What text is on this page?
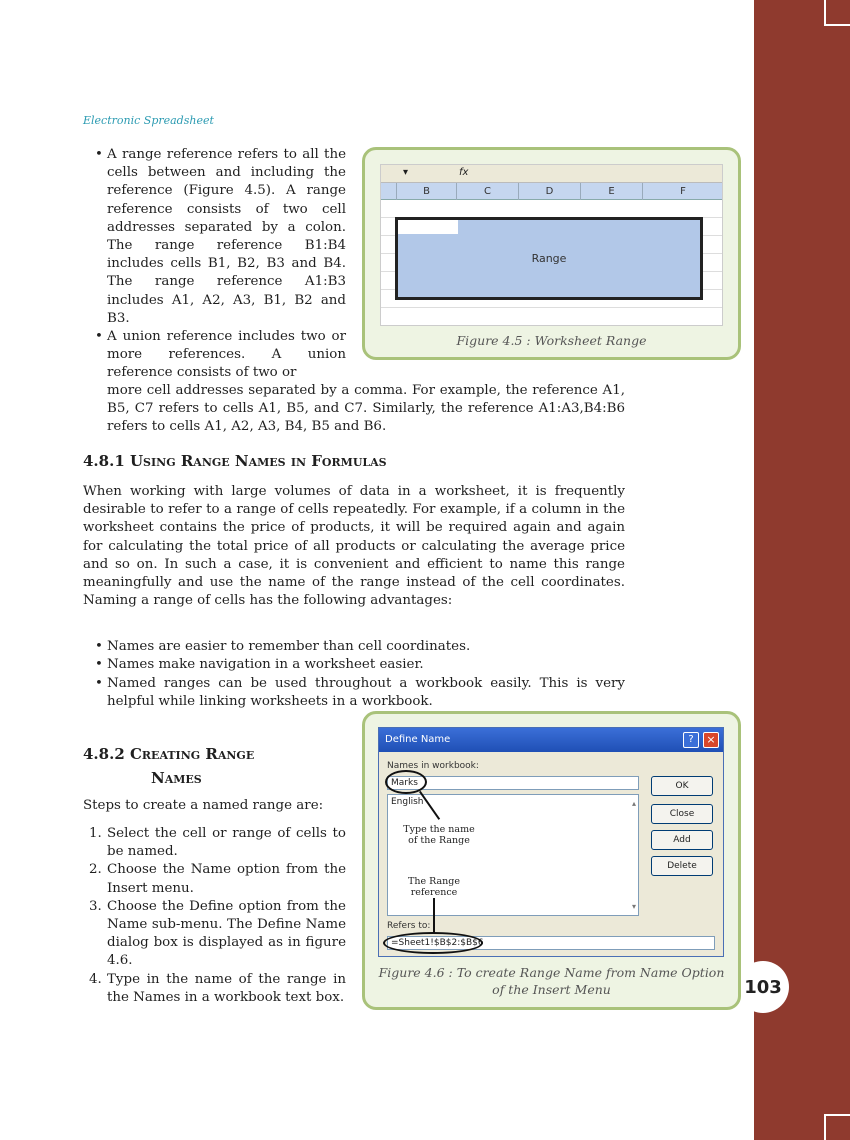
103
Electronic Spreadsheet

• A range reference refers to all the cells between and including the reference (Figure 4.5). A range reference consists of two cell addresses separated by a colon. The range reference B1:B4 includes cells B1, B2, B3 and B4. The range reference A1:B3 includes A1, A2, A3, B1, B2 and B3.

• A union reference includes two or more references. A union reference consists of two or

more cell addresses separated by a comma. For example, the reference A1, B5, C7 refers to cells A1, B5, and C7. Similarly, the reference A1:A3,B4:B6 refers to cells A1, A2, A3, B4, B5 and B6.
▾	fx
B	C	D	E	F
Range
Figure 4.5 : Worksheet Range
4.8.1 Using Range Names in Formulas
When working with large volumes of data in a worksheet, it is frequently desirable to refer to a range of cells repeatedly. For example, if a column in the worksheet contains the price of products, it will be required again and again for calculating the total price of all products or calculating the average price and so on. In such a case, it is convenient and efficient to name this range meaningfully and use the name of the range instead of the cell coordinates. Naming a range of cells has the following advantages:

• Names are easier to remember than cell coordinates.

• Names make navigation in a worksheet easier.

• Named ranges can be used throughout a workbook easily. This is very helpful while linking worksheets in a workbook.

4.8.2 Creating Range
Names
Steps to create a named range are:

1. Select the cell or range of cells to be named.

2. Choose the Name option from the Insert menu.

3. Choose the Define option from the Name sub-menu. The Define Name dialog box is displayed as in figure 4.6.

4. Type in the name of the range in the Names in a workbook text box.

Define Name	?	×
Names in workbook:
Marks
English	▴
▾
OK
Close
Add
Delete
Refers to:
=Sheet1!$B$2:$B$6
Type the name of the Range
The Range reference
Figure 4.6 : To create Range Name from Name Option
of the Insert Menu
